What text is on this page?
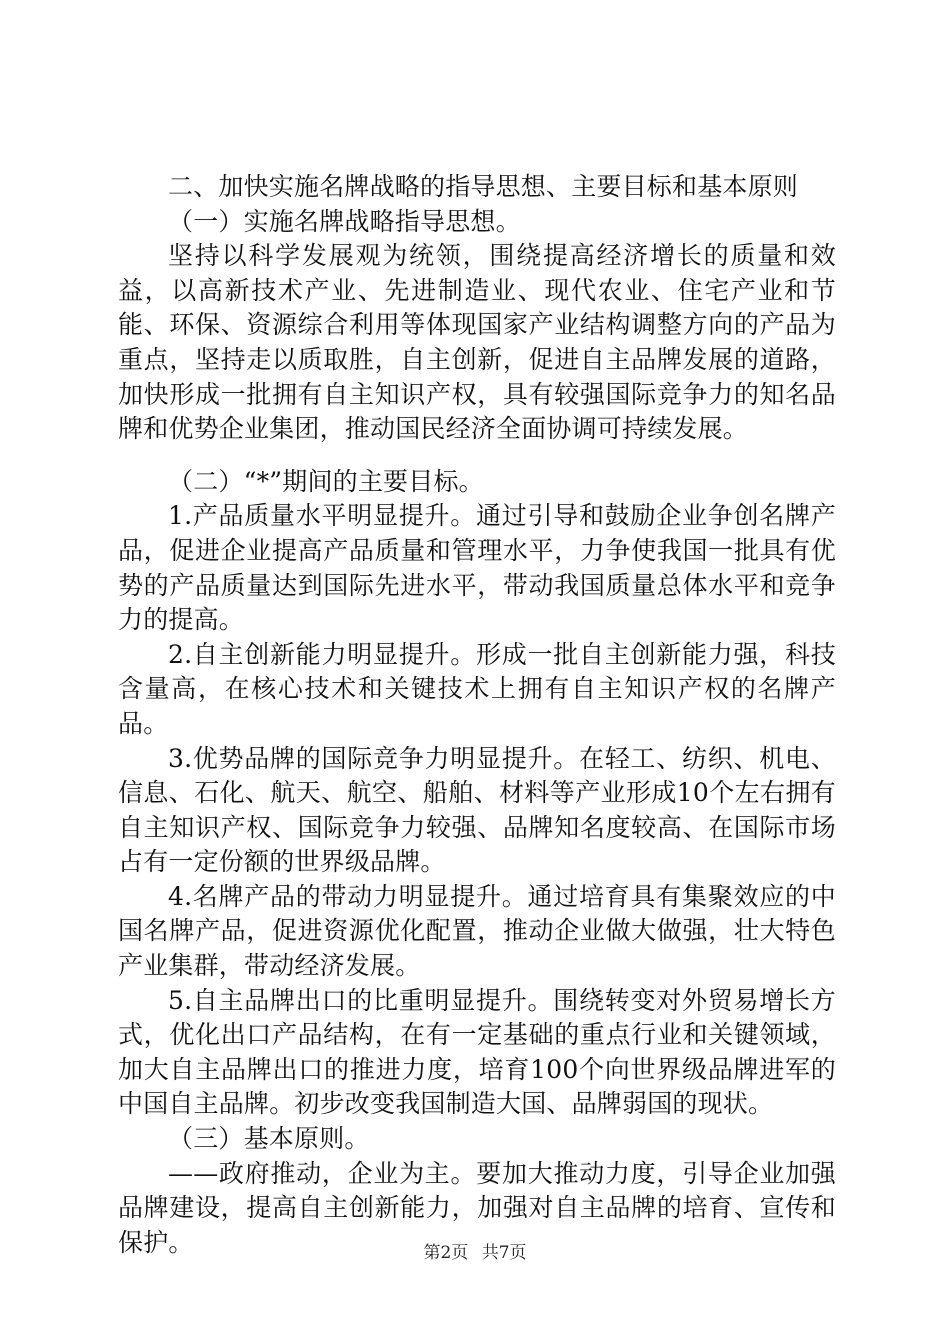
二、加快实施名牌战略的指导思想、主要目标和基本原则

（一）实施名牌战略指导思想。

坚持以科学发展观为统领，围绕提高经济增长的质量和效益，以高新技术产业、先进制造业、现代农业、住宅产业和节能、环保、资源综合利用等体现国家产业结构调整方向的产品为重点，坚持走以质取胜，自主创新，促进自主品牌发展的道路，加快形成一批拥有自主知识产权，具有较强国际竞争力的知名品牌和优势企业集团，推动国民经济全面协调可持续发展。

（二）“*”期间的主要目标。

1.产品质量水平明显提升。通过引导和鼓励企业争创名牌产品，促进企业提高产品质量和管理水平，力争使我国一批具有优势的产品质量达到国际先进水平，带动我国质量总体水平和竞争力的提高。

2.自主创新能力明显提升。形成一批自主创新能力强，科技含量高，在核心技术和关键技术上拥有自主知识产权的名牌产品。

3.优势品牌的国际竞争力明显提升。在轻工、纺织、机电、信息、石化、航天、航空、船舶、材料等产业形成10个左右拥有自主知识产权、国际竞争力较强、品牌知名度较高、在国际市场占有一定份额的世界级品牌。

4.名牌产品的带动力明显提升。通过培育具有集聚效应的中国名牌产品，促进资源优化配置，推动企业做大做强，壮大特色产业集群，带动经济发展。

5.自主品牌出口的比重明显提升。围绕转变对外贸易增长方式，优化出口产品结构，在有一定基础的重点行业和关键领域，加大自主品牌出口的推进力度，培育100个向世界级品牌进军的中国自主品牌。初步改变我国制造大国、品牌弱国的现状。

（三）基本原则。

——政府推动，企业为主。要加大推动力度，引导企业加强品牌建设，提高自主创新能力，加强对自主品牌的培育、宣传和保护。	第2页 共7页
